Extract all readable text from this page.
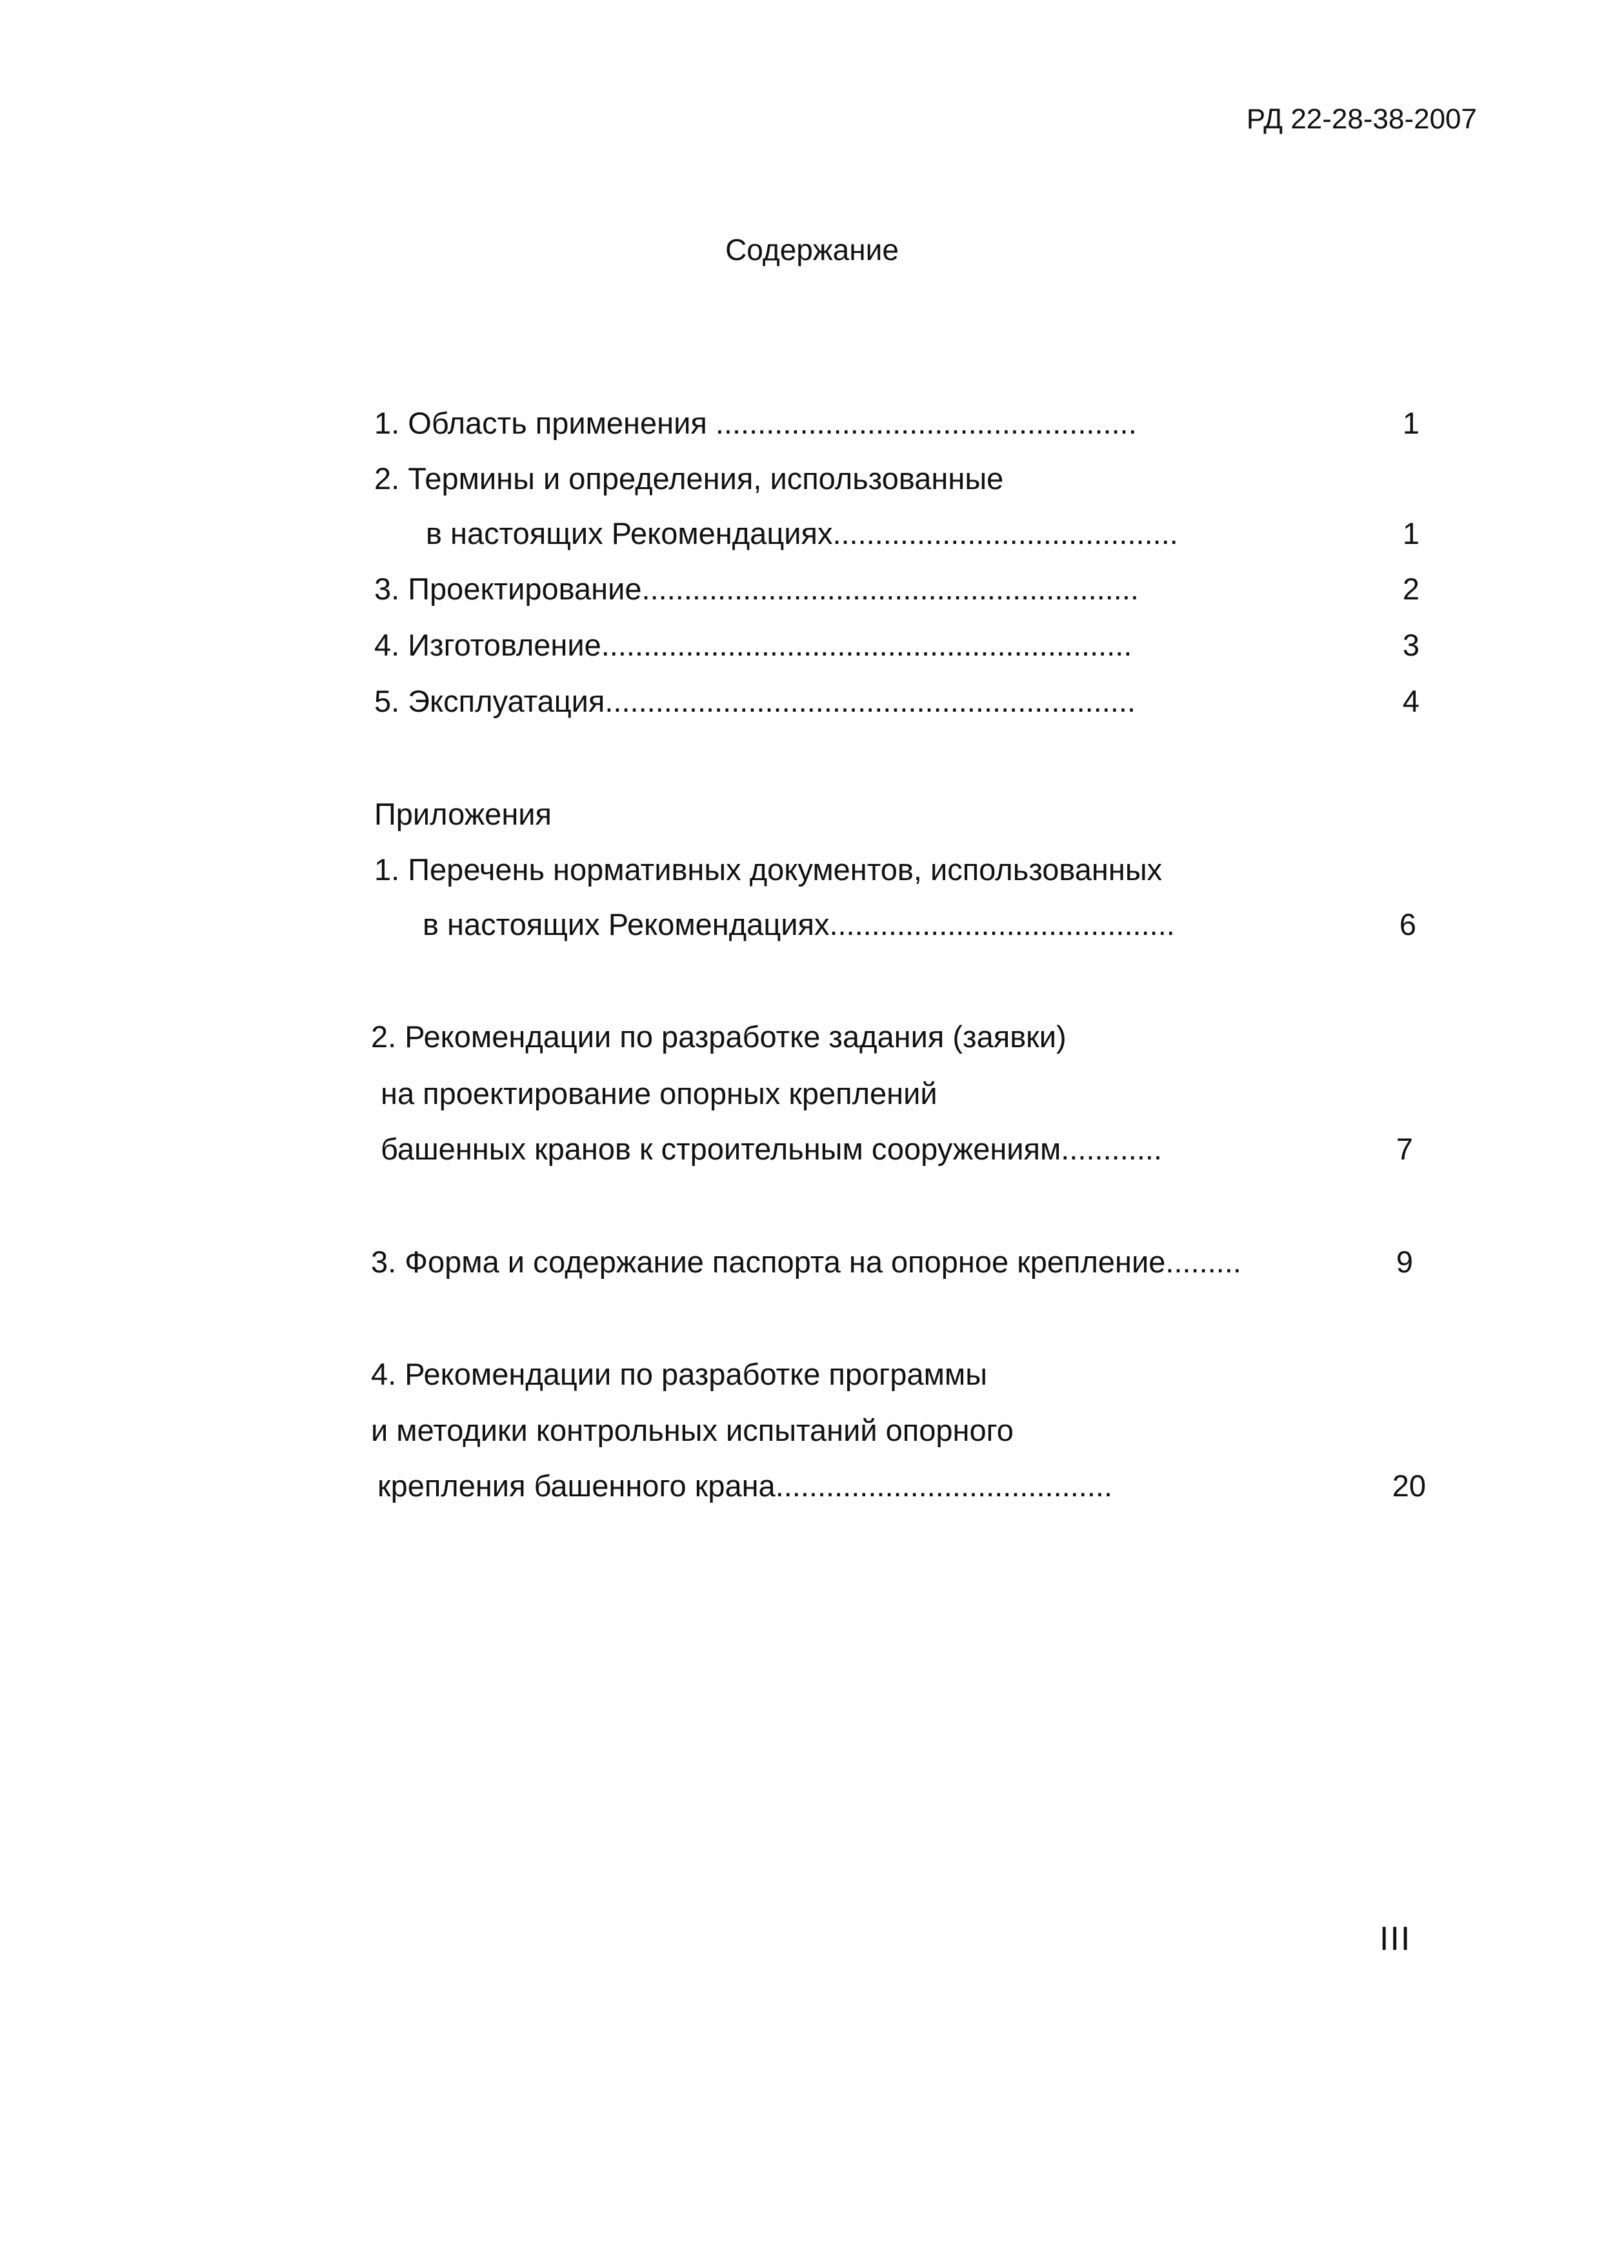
РД 22-28-38-2007
Содержание
1. Область применения ..................................................	1
2. Термины и определения, использованные
в настоящих Рекомендациях.........................................	1
3. Проектирование...........................................................	2
4. Изготовление...............................................................	3
5. Эксплуатация...............................................................	4
Приложения
1. Перечень нормативных документов, использованных
в настоящих Рекомендациях.........................................	6
2. Рекомендации по разработке задания (заявки)
на проектирование опорных креплений
башенных кранов к строительным сооружениям............	7
3. Форма и содержание паспорта на опорное крепление.........	9
4. Рекомендации по разработке программы
и методики контрольных испытаний опорного
крепления башенного крана........................................	20
III
